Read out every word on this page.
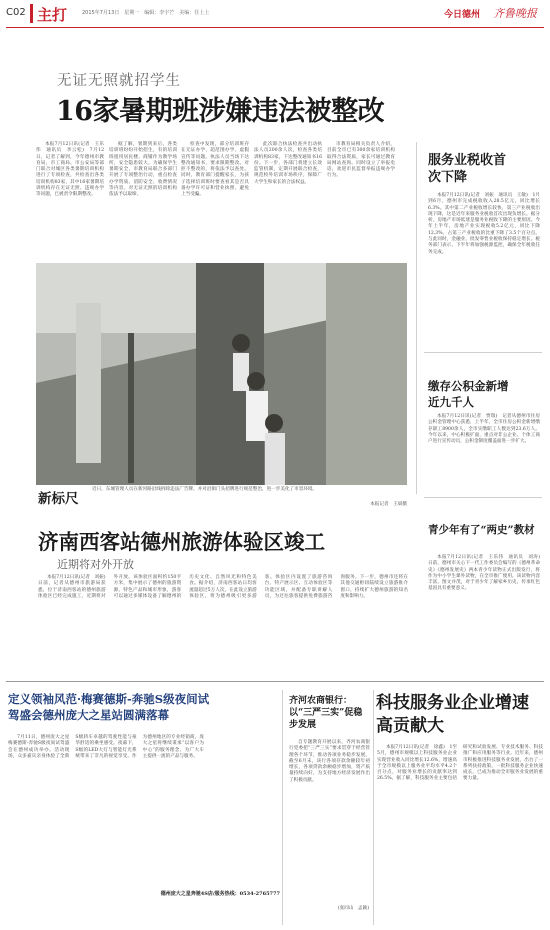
C02 主打	2015年7月13日　星期一　编辑：李宇芒　美编：任上上	今日德州 齐鲁晚报
无证无照就招学生
16家暑期班涉嫌违法被整改

本报7月12日讯(记者　王乐伟　通讯员　李云松)　7月12日，记者了解到，今年德州市教育局、市工商局、市公安局等部门联合对城区各类暑期培训机构进行了专项检查，共检查出各类培训机构83家，其中16家暑期培训机构存在无证无照、违规办学等问题，已被责令限期整改。

据了解，暑期到来后，各类培训班纷纷开始招生，有的培训班租用居民楼、商铺作为教学场所，安全隐患较大。为确保学生暑期安全，市教育局联合多部门开展了专项整治行动，重点检查办学资质、消防安全、收费情况等内容，对无证无照的培训机构依法予以取缔。

检查中发现，部分培训班存在无证办学、超范围办学、虚假宣传等问题。执法人员当场下达整改通知书，要求限期整改。对拒不整改的，将依法予以查处。同时，教育部门提醒家长，为孩子选择培训班时要查看其是否具备办学许可证和营业执照，避免上当受骗。

此次联合执法检查共出动执法人员200余人次，检查各类培训机构83家，下达整改通知书16份。下一步，各部门将建立长效监管机制，定期开展联合检查，规范校外培训市场秩序，保障广大学生和家长的合法权益。

市教育局相关负责人介绍，目前全市已有300余家培训机构取得合法资质，家长可通过教育局网站查询。同时设立了举报电话，欢迎市民监督举报违规办学行为。

服务业税收首次下降

本报7月12日讯(记者　刘振　通讯员　王敏)　1月到6月，德州市完成税收收入28.5亿元，同比增长6.3%。其中第二产业税收增长较快，第三产业税收出现下降，这是近年来服务业税收首次出现负增长。据分析，房地产市场低迷是服务业税收下降的主要原因。今年上半年，房地产业实现税收5.2亿元，同比下降12.3%，占第三产业税收的比重下降了3.5个百分点。与此同时，金融业、批发零售业税收保持稳定增长。税务部门表示，下半年将加强税源监控，确保全年税收任务完成。

缴存公积金新增近九千人

本报7月12日讯(记者　贾瑞)　记者从德州市住房公积金管理中心获悉，上半年，全市住房公积金新增缴存职工8900余人，全市实缴职工人数达到23.6万人。今年以来，中心积极扩面，重点对非公企业、个体工商户进行宣传动员，公积金制度覆盖面进一步扩大。

新标尺
近日，东城管理人员在新河路沿线拆除违法广告牌，并对沿街门头招牌进行规范整治，进一步美化了市容环境。
本报记者　王斌摄
青少年有了“两史”教材

本报7月12日讯(记者　王乐伟　通讯员　刘涛)　日前，德州市关心下一代工作委员会编写的《德州革命史》《德州发展史》两本青少年读物正式出版发行，将作为中小学生课外读物，在全市推广使用。该读物内容丰富、图文并茂，对于青少年了解家乡历史、传承红色基因具有重要意义。

济南西客站德州旅游体验区竣工
近期将对外开放

本报7月12日讯(记者　刘振)　日前，记者从德州市旅游局获悉，位于济南西客站的德州旅游体验区已经完成施工，近期将对外开放。该体验区面积约150平方米，集中展示了德州的旅游资源、特色产品和城市形象，游客可以通过多媒体设备了解德州的历史文化、自然风光和特色美食。据介绍，济南西客站日均客流量超过5万人次，在此设立旅游体验区，将为德州吸引更多游客。体验区内设置了旅游咨询台、特产展示区、互动体验区等功能区域，并配备专职讲解人员，为过往旅客提供免费旅游咨询服务。下一步，德州市还将在其他交通枢纽陆续设立旅游推介窗口，持续扩大德州旅游的知名度和影响力。

定义领袖风范·梅赛德斯-奔驰S级夜间试驾盛会德州庞大之星站圆满落幕

7月11日，德州庞大之星梅赛德斯-奔驰S级夜间试驾盛会在德州成功举办。活动现场，众多嘉宾亲身体验了全新S级轿车卓越的驾驶性能与豪华舒适的乘坐感受。夜幕下，S级的LED大灯与智能灯光系统带来了非凡的视觉享受。作为德州地区的专业经销商，庞大之星将继续秉承“以客户为中心”的服务理念，为广大车主提供一流的产品与服务。

德州庞大之星奔驰4S店/服务热线：0534-2765777
齐河农商银行：以“三严三实”促稳步发展

自专题教育开展以来，齐河农商银行党委把“三严三实”要求贯穿于经营管理各个环节，推动各项业务稳步发展。截至6月末，该行各项存款余额较年初增长，各项贷款余额稳步增加，资产质量持续向好，为支持地方经济发展作出了积极贡献。

(张同山　孟颖)
科技服务业企业增速高贡献大

本报7月12日讯(记者　徐鑫)　1至5月，德州市规模以上科技服务业企业实现营业收入同比增长12.6%，增速高于全市规模以上服务业平均水平4.2个百分点，对服务业增长的贡献率达到26.5%。据了解，科技服务业主要包括研究和试验发展、专业技术服务、科技推广和应用服务等行业。近年来，德州市积极推进科技服务业发展，出台了一系列扶持政策，一批科技服务企业快速成长，已成为推动全市服务业发展的重要力量。
